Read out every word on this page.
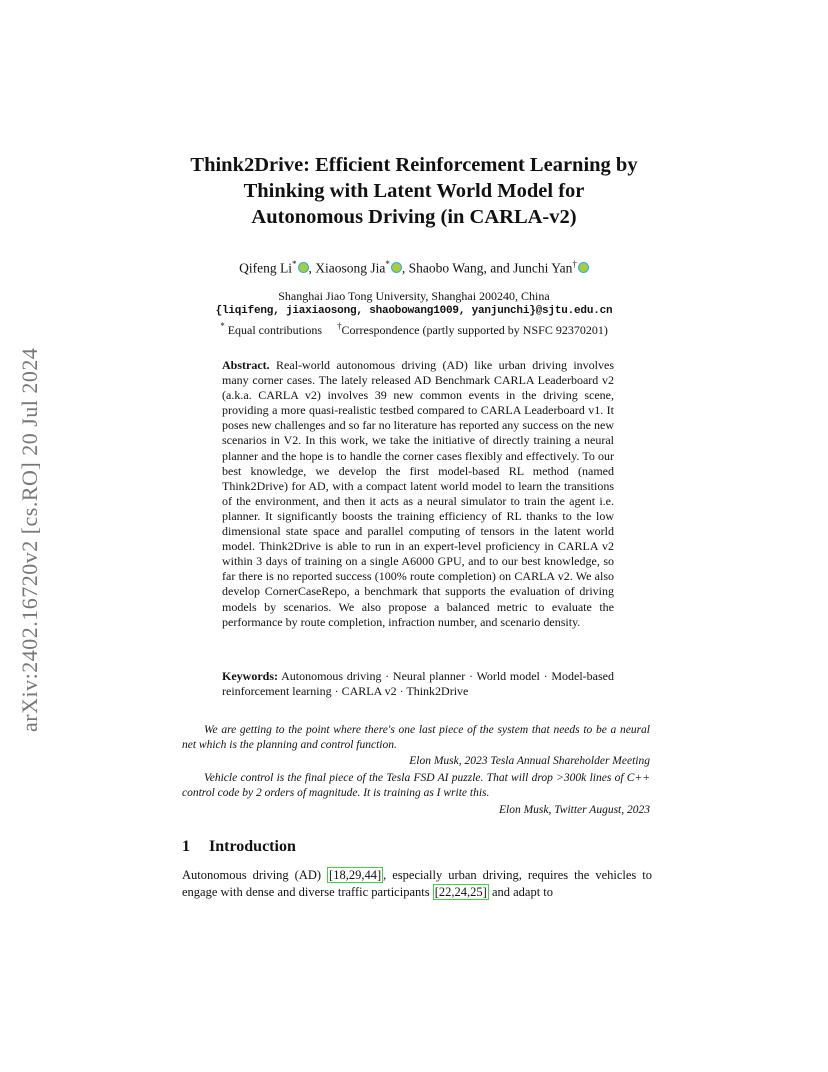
arXiv:2402.16720v2 [cs.RO] 20 Jul 2024
Think2Drive: Efficient Reinforcement Learning by
Thinking with Latent World Model for
Autonomous Driving (in CARLA-v2)
Qifeng Li* , Xiaosong Jia* , Shaobo Wang, and Junchi Yan†
Shanghai Jiao Tong University, Shanghai 200240, China
{liqifeng, jiaxiaosong, shaobowang1009, yanjunchi}@sjtu.edu.cn
* Equal contributions †Correspondence (partly supported by NSFC 92370201)
Abstract. Real-world autonomous driving (AD) like urban driving involves many corner cases. The lately released AD Benchmark CARLA Leaderboard v2 (a.k.a. CARLA v2) involves 39 new common events in the driving scene, providing a more quasi-realistic testbed compared to CARLA Leaderboard v1. It poses new challenges and so far no literature has reported any success on the new scenarios in V2. In this work, we take the initiative of directly training a neural planner and the hope is to handle the corner cases flexibly and effectively. To our best knowledge, we develop the first model-based RL method (named Think2Drive) for AD, with a compact latent world model to learn the transitions of the environment, and then it acts as a neural simulator to train the agent i.e. planner. It significantly boosts the training efficiency of RL thanks to the low dimensional state space and parallel computing of tensors in the latent world model. Think2Drive is able to run in an expert-level proficiency in CARLA v2 within 3 days of training on a single A6000 GPU, and to our best knowledge, so far there is no reported success (100% route completion) on CARLA v2. We also develop CornerCaseRepo, a benchmark that supports the evaluation of driving models by scenarios. We also propose a balanced metric to evaluate the performance by route completion, infraction number, and scenario density.
Keywords: Autonomous driving · Neural planner · World model · Model-based reinforcement learning · CARLA v2 · Think2Drive
We are getting to the point where there's one last piece of the system that needs to be a neural net which is the planning and control function.
Elon Musk, 2023 Tesla Annual Shareholder Meeting
Vehicle control is the final piece of the Tesla FSD AI puzzle. That will drop >300k lines of C++ control code by 2 orders of magnitude. It is training as I write this.
Elon Musk, Twitter August, 2023
1 Introduction
Autonomous driving (AD) [18,29,44] , especially urban driving, requires the vehicles to engage with dense and diverse traffic participants [22,24,25] and adapt to
